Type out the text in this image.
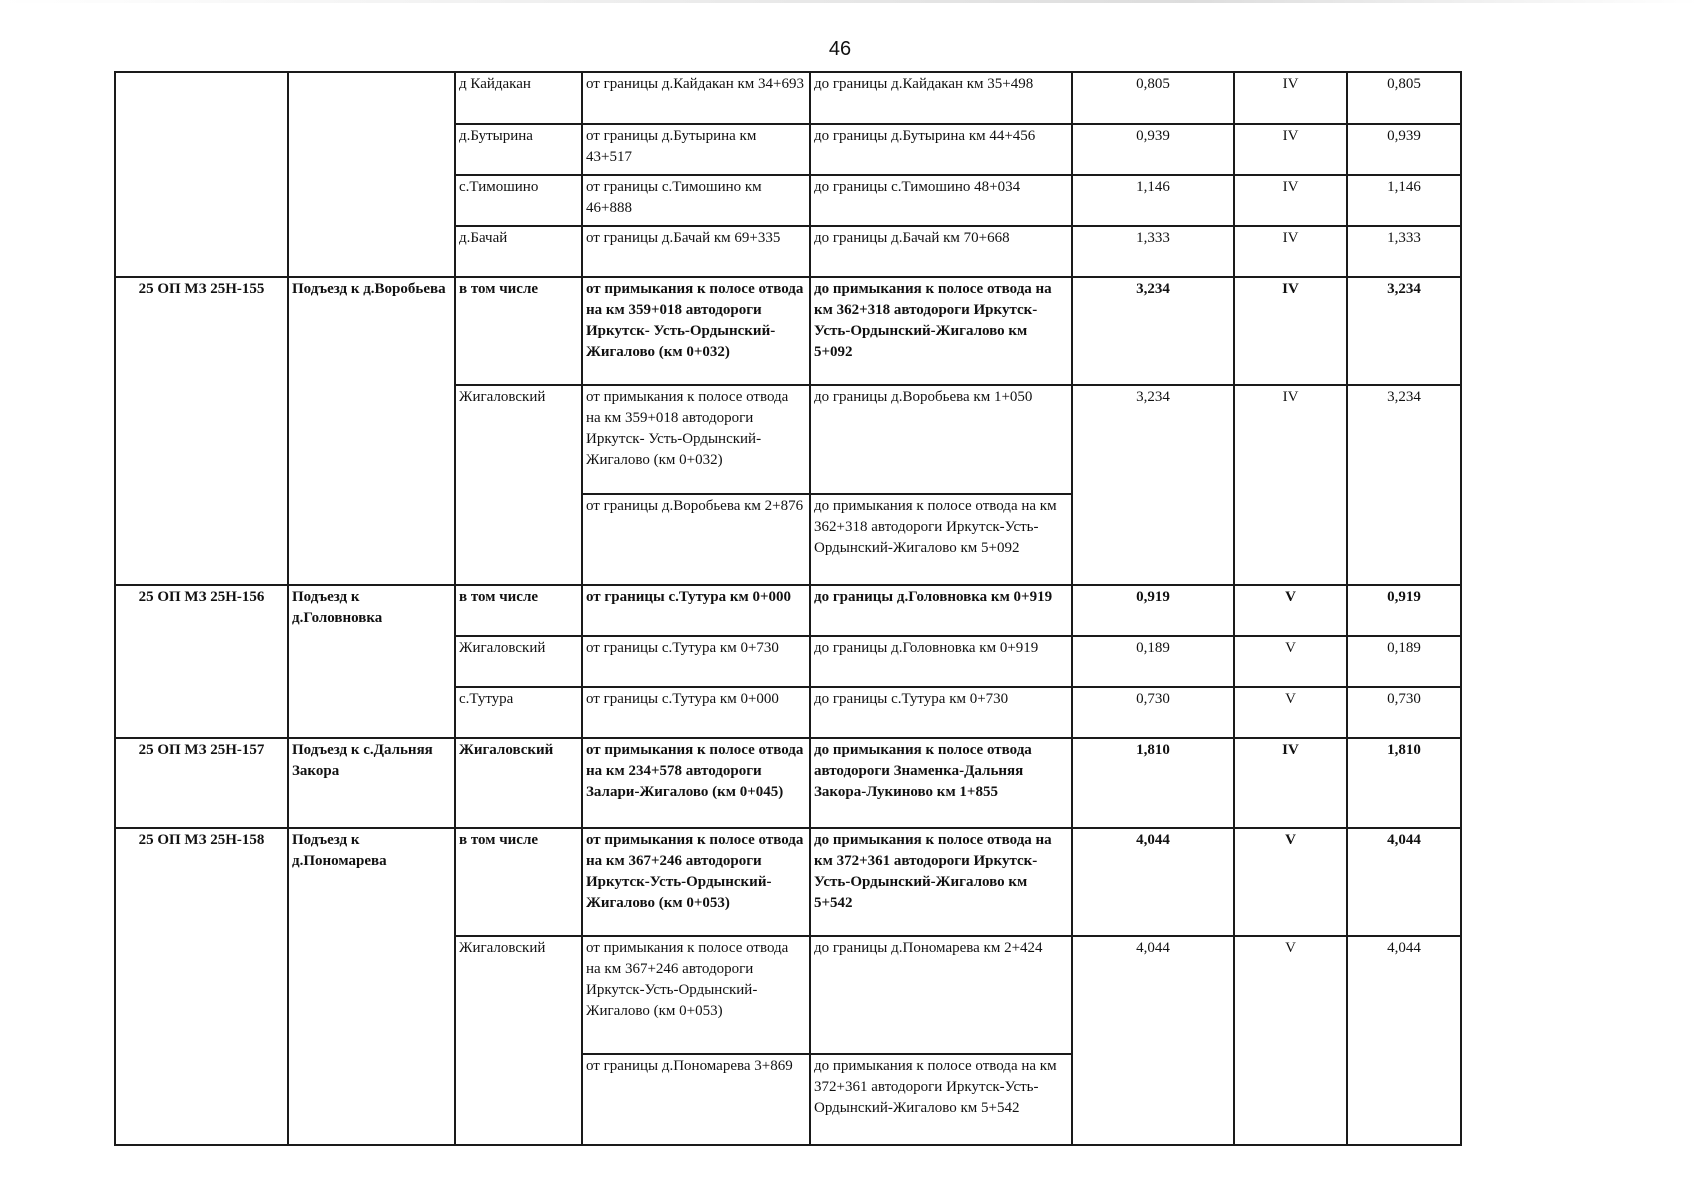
46
		д Кайдакан	от границы д.Кайдакан км 34+693	до границы д.Кайдакан км 35+498	0,805	IV	0,805
		д.Бутырина	от границы д.Бутырина км 43+517	до границы д.Бутырина км 44+456	0,939	IV	0,939
		с.Тимошино	от границы с.Тимошино км 46+888	до границы с.Тимошино 48+034	1,146	IV	1,146
		д.Бачай	от границы д.Бачай км 69+335	до границы д.Бачай км 70+668	1,333	IV	1,333
25 ОП МЗ 25Н-155	Подъезд к д.Воробьева	в том числе	от примыкания к полосе отвода на км 359+018 автодороги Иркутск- Усть-Ордынский-Жигалово (км 0+032)	до примыкания к полосе отвода на км 362+318 автодороги Иркутск-Усть-Ордынский-Жигалово км 5+092	3,234	IV	3,234
		Жигаловский	от примыкания к полосе отвода на км 359+018 автодороги Иркутск- Усть-Ордынский-Жигалово (км 0+032)	до границы д.Воробьева км 1+050	3,234	IV	3,234
			от границы д.Воробьева км 2+876	до примыкания к полосе отвода на км 362+318 автодороги Иркутск-Усть-Ордынский-Жигалово км 5+092			
25 ОП МЗ 25Н-156	Подъезд к д.Головновка	в том числе	от границы с.Тутура км 0+000	до границы д.Головновка км 0+919	0,919	V	0,919
		Жигаловский	от границы с.Тутура км 0+730	до границы д.Головновка км 0+919	0,189	V	0,189
		с.Тутура	от границы с.Тутура км 0+000	до границы с.Тутура км 0+730	0,730	V	0,730
25 ОП МЗ 25Н-157	Подъезд к с.Дальняя Закора	Жигаловский	от примыкания к полосе отвода на км 234+578 автодороги Залари-Жигалово (км 0+045)	до примыкания к полосе отвода автодороги Знаменка-Дальняя Закора-Лукиново км 1+855	1,810	IV	1,810
25 ОП МЗ 25Н-158	Подъезд к д.Пономарева	в том числе	от примыкания к полосе отвода на км 367+246 автодороги Иркутск-Усть-Ордынский-Жигалово (км 0+053)	до примыкания к полосе отвода на км 372+361 автодороги Иркутск-Усть-Ордынский-Жигалово км 5+542	4,044	V	4,044
		Жигаловский	от примыкания к полосе отвода на км 367+246 автодороги Иркутск-Усть-Ордынский-Жигалово (км 0+053)	до границы д.Пономарева км 2+424	4,044	V	4,044
			от границы д.Пономарева 3+869	до примыкания к полосе отвода на км 372+361 автодороги Иркутск-Усть-Ордынский-Жигалово км 5+542			
